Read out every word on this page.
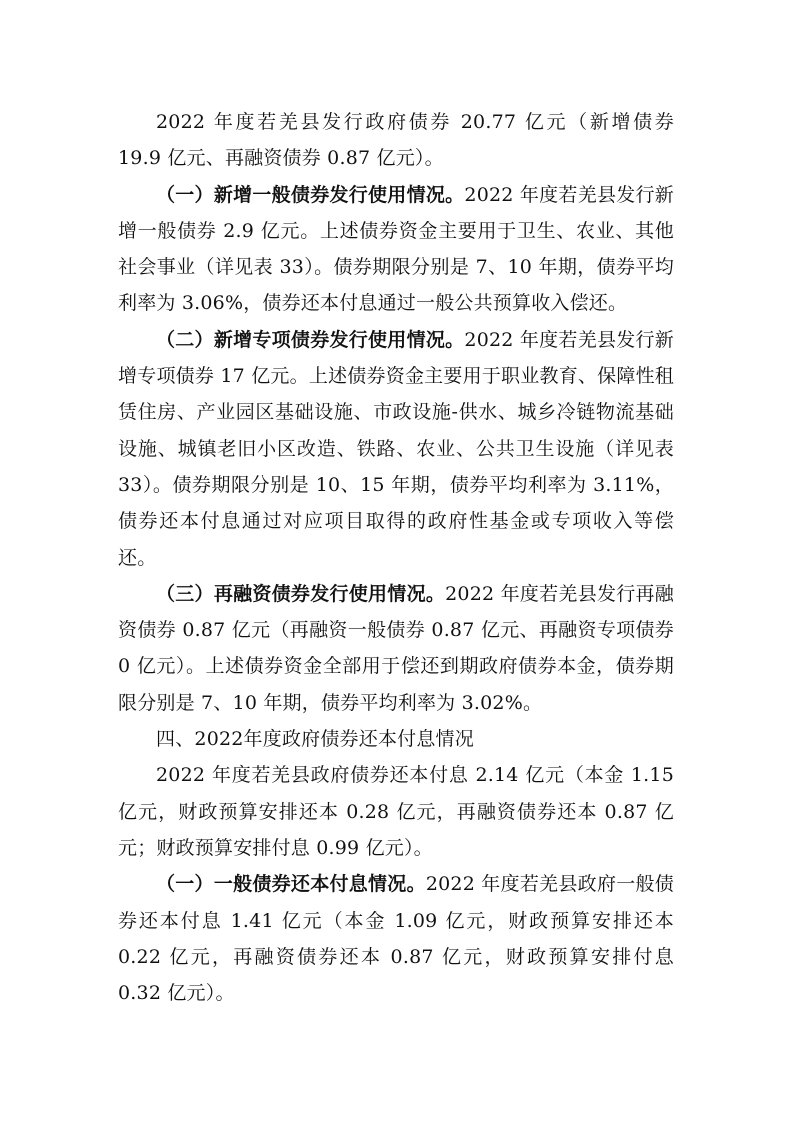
2022 年度若羌县发行政府债券 20.77 亿元（新增债券 19.9 亿元、再融资债券 0.87 亿元）。

（一）新增一般债券发行使用情况。2022 年度若羌县发行新增一般债券 2.9 亿元。上述债券资金主要用于卫生、农业、其他社会事业（详见表 33）。债券期限分别是 7、10 年期，债券平均利率为 3.06%，债券还本付息通过一般公共预算收入偿还。

（二）新增专项债券发行使用情况。2022 年度若羌县发行新增专项债券 17 亿元。上述债券资金主要用于职业教育、保障性租赁住房、产业园区基础设施、市政设施-供水、城乡冷链物流基础设施、城镇老旧小区改造、铁路、农业、公共卫生设施（详见表 33）。债券期限分别是 10、15 年期，债券平均利率为 3.11%，债券还本付息通过对应项目取得的政府性基金或专项收入等偿还。

（三）再融资债券发行使用情况。2022 年度若羌县发行再融资债券 0.87 亿元（再融资一般债券 0.87 亿元、再融资专项债券 0 亿元）。上述债券资金全部用于偿还到期政府债券本金，债券期限分别是 7、10 年期，债券平均利率为 3.02%。

四、2022年度政府债券还本付息情况

2022 年度若羌县政府债券还本付息 2.14 亿元（本金 1.15 亿元，财政预算安排还本 0.28 亿元，再融资债券还本 0.87 亿元；财政预算安排付息 0.99 亿元）。

（一）一般债券还本付息情况。2022 年度若羌县政府一般债券还本付息 1.41 亿元（本金 1.09 亿元，财政预算安排还本 0.22 亿元，再融资债券还本 0.87 亿元，财政预算安排付息 0.32 亿元）。
